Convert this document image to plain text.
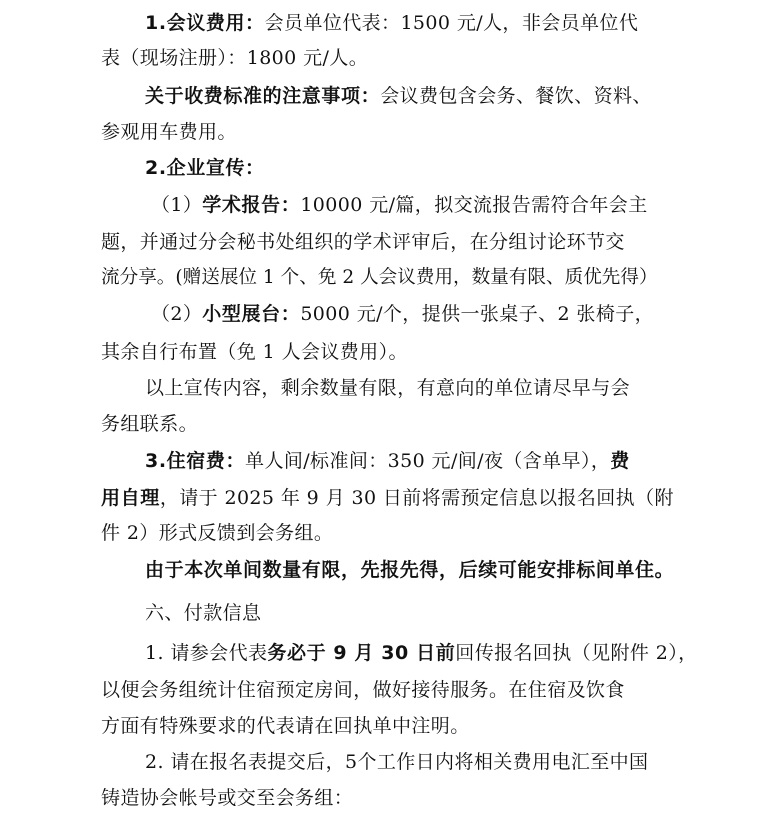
1.会议费用：会员单位代表：1500 元/人，非会员单位代
表（现场注册）：1800 元/人。
关于收费标准的注意事项：会议费包含会务、餐饮、资料、
参观用车费用。
2.企业宣传：
（1）学术报告：10000 元/篇，拟交流报告需符合年会主
题，并通过分会秘书处组织的学术评审后，在分组讨论环节交
流分享。(赠送展位 1 个、免 2 人会议费用，数量有限、质优先得）
（2）小型展台：5000 元/个，提供一张桌子、2 张椅子，
其余自行布置（免 1 人会议费用）。
以上宣传内容，剩余数量有限，有意向的单位请尽早与会
务组联系。
3.住宿费：单人间/标准间：350 元/间/夜（含单早），费
用自理，请于 2025 年 9 月 30 日前将需预定信息以报名回执（附
件 2）形式反馈到会务组。
由于本次单间数量有限，先报先得，后续可能安排标间单住。
六、付款信息
1. 请参会代表务必于 9 月 30 日前回传报名回执（见附件 2），
以便会务组统计住宿预定房间，做好接待服务。在住宿及饮食
方面有特殊要求的代表请在回执单中注明。
2. 请在报名表提交后，5个工作日内将相关费用电汇至中国
铸造协会帐号或交至会务组：
